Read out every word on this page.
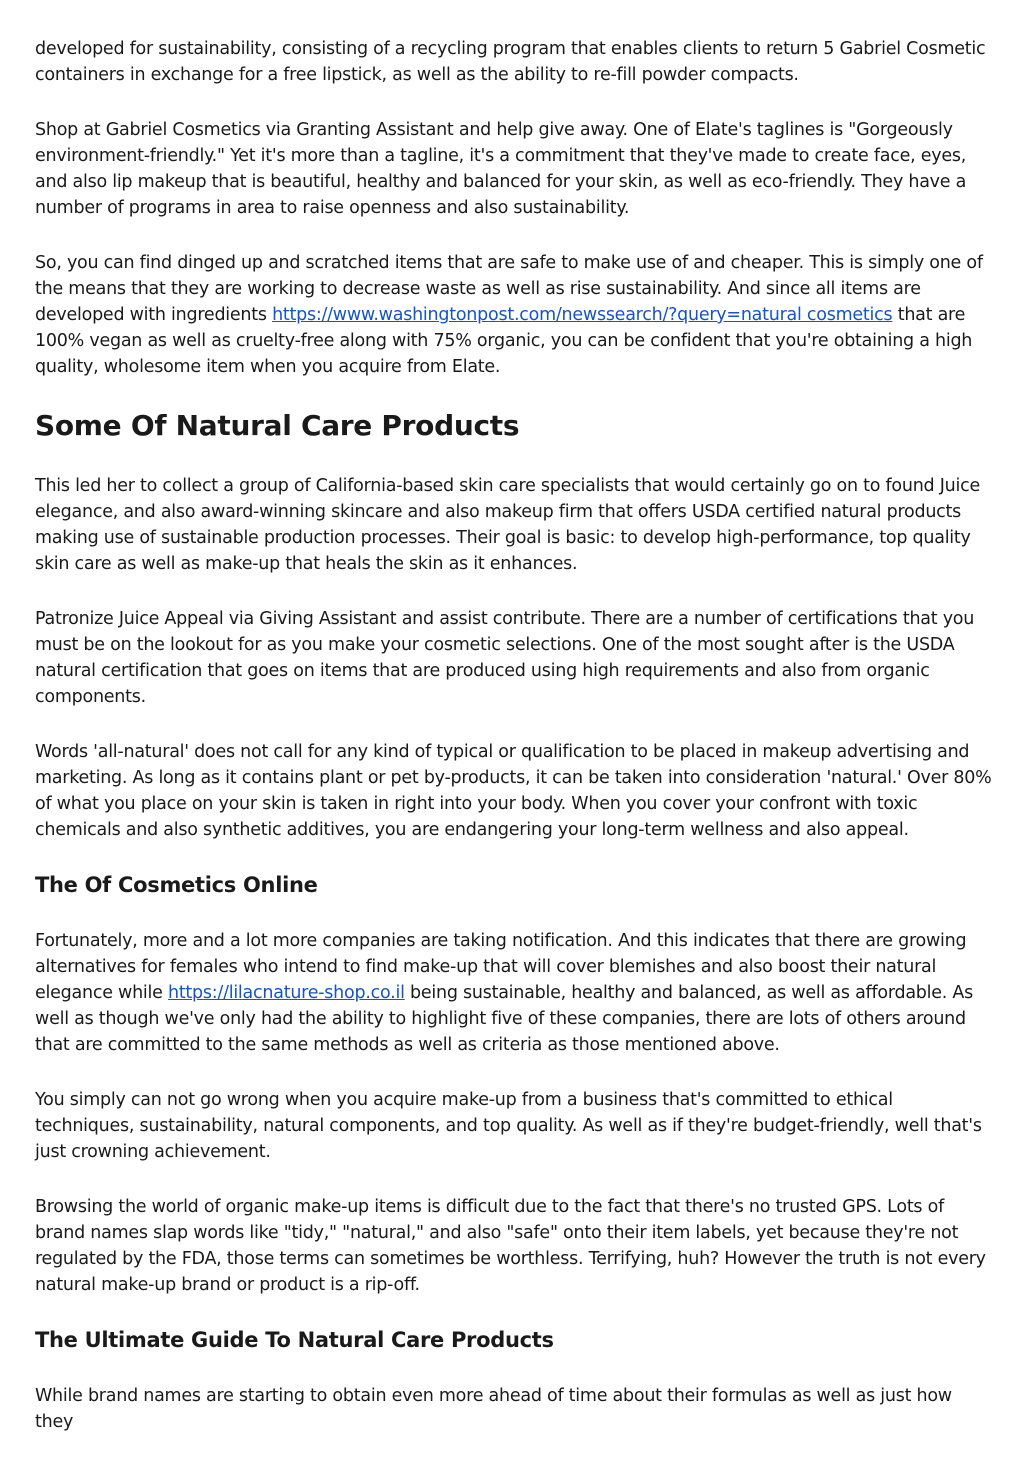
developed for sustainability, consisting of a recycling program that enables clients to return 5 Gabriel Cosmetic containers in exchange for a free lipstick, as well as the ability to re-fill powder compacts.

Shop at Gabriel Cosmetics via Granting Assistant and help give away. One of Elate's taglines is "Gorgeously environment-friendly." Yet it's more than a tagline, it's a commitment that they've made to create face, eyes, and also lip makeup that is beautiful, healthy and balanced for your skin, as well as eco-friendly. They have a number of programs in area to raise openness and also sustainability.

So, you can find dinged up and scratched items that are safe to make use of and cheaper. This is simply one of the means that they are working to decrease waste as well as rise sustainability. And since all items are developed with ingredients https://www.washingtonpost.com/newssearch/?query=natural cosmetics that are 100% vegan as well as cruelty-free along with 75% organic, you can be confident that you're obtaining a high quality, wholesome item when you acquire from Elate.

Some Of Natural Care Products

This led her to collect a group of California-based skin care specialists that would certainly go on to found Juice elegance, and also award-winning skincare and also makeup firm that offers USDA certified natural products making use of sustainable production processes. Their goal is basic: to develop high-performance, top quality skin care as well as make-up that heals the skin as it enhances.

Patronize Juice Appeal via Giving Assistant and assist contribute. There are a number of certifications that you must be on the lookout for as you make your cosmetic selections. One of the most sought after is the USDA natural certification that goes on items that are produced using high requirements and also from organic components.

Words 'all-natural' does not call for any kind of typical or qualification to be placed in makeup advertising and marketing. As long as it contains plant or pet by-products, it can be taken into consideration 'natural.' Over 80% of what you place on your skin is taken in right into your body. When you cover your confront with toxic chemicals and also synthetic additives, you are endangering your long-term wellness and also appeal.

The Of Cosmetics Online

Fortunately, more and a lot more companies are taking notification. And this indicates that there are growing alternatives for females who intend to find make-up that will cover blemishes and also boost their natural elegance while https://lilacnature-shop.co.il being sustainable, healthy and balanced, as well as affordable. As well as though we've only had the ability to highlight five of these companies, there are lots of others around that are committed to the same methods as well as criteria as those mentioned above.

You simply can not go wrong when you acquire make-up from a business that's committed to ethical techniques, sustainability, natural components, and top quality. As well as if they're budget-friendly, well that's just crowning achievement.

Browsing the world of organic make-up items is difficult due to the fact that there's no trusted GPS. Lots of brand names slap words like "tidy," "natural," and also "safe" onto their item labels, yet because they're not regulated by the FDA, those terms can sometimes be worthless. Terrifying, huh? However the truth is not every natural make-up brand or product is a rip-off.

The Ultimate Guide To Natural Care Products

While brand names are starting to obtain even more ahead of time about their formulas as well as just how they
